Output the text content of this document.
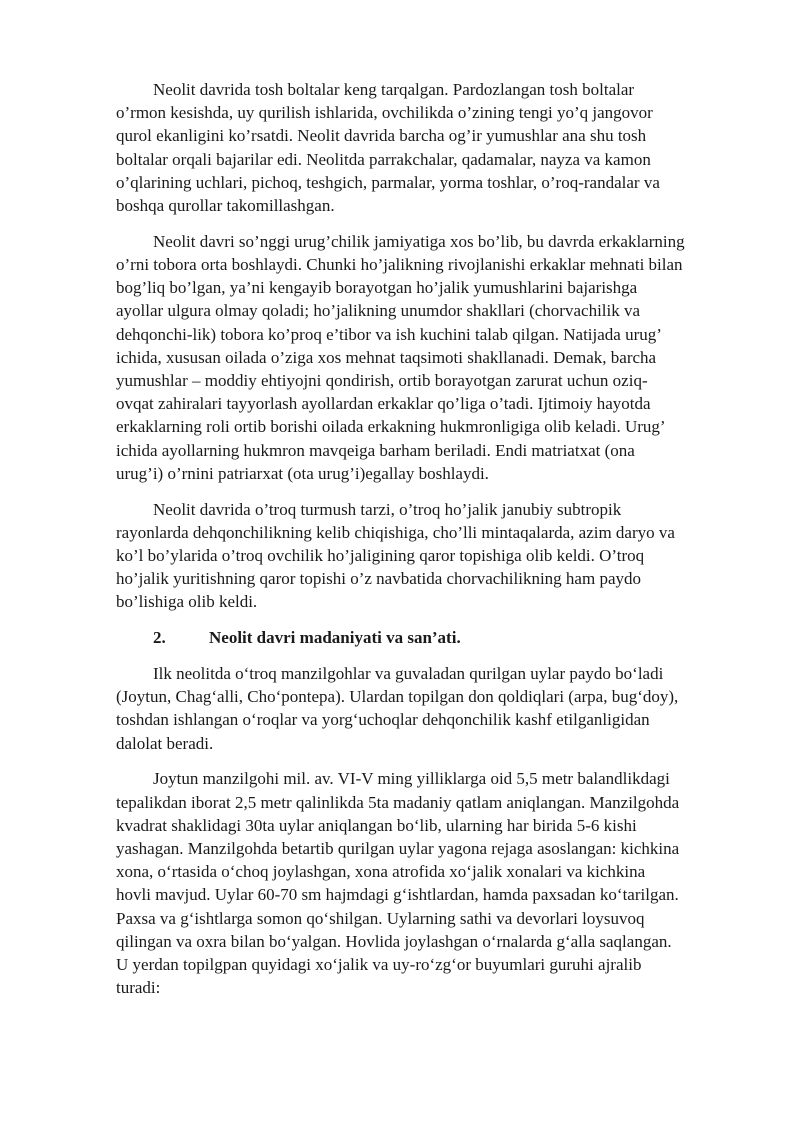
Neolit davrida tosh boltalar keng tarqalgan. Pardozlangan tosh boltalar
o’rmon kesishda, uy qurilish ishlarida, ovchilikda o’zining tengi yo’q jangovor
qurol ekanligini ko’rsatdi. Neolit davrida barcha og’ir yumushlar ana shu tosh
boltalar orqali bajarilar edi. Neolitda parrakchalar, qadamalar, nayza va kamon
o’qlarining uchlari, pichoq, teshgich, parmalar, yorma toshlar, o’roq-randalar va
boshqa qurollar takomillashgan.

Neolit davri so’nggi urug’chilik jamiyatiga xos bo’lib, bu davrda erkaklarning
o’rni tobora orta boshlaydi. Chunki ho’jalikning rivojlanishi erkaklar mehnati bilan
bog’liq bo’lgan, ya’ni kengayib borayotgan ho’jalik yumushlarini bajarishga
ayollar ulgura olmay qoladi; ho’jalikning unumdor shakllari (chorvachilik va
dehqonchi-lik) tobora ko’proq e’tibor va ish kuchini talab qilgan. Natijada urug’
ichida, xususan oilada o’ziga xos mehnat taqsimoti shakllanadi. Demak, barcha
yumushlar – moddiy ehtiyojni qondirish, ortib borayotgan zarurat uchun oziq-
ovqat zahiralari tayyorlash ayollardan erkaklar qo’liga o’tadi. Ijtimoiy hayotda
erkaklarning roli ortib borishi oilada erkakning hukmronligiga olib keladi. Urug’
ichida ayollarning hukmron mavqeiga barham beriladi. Endi matriatxat (ona
urug’i) o’rnini patriarxat (ota urug’i)egallay boshlaydi.

Neolit davrida o’troq turmush tarzi, o’troq ho’jalik janubiy subtropik
rayonlarda dehqonchilikning kelib chiqishiga, cho’lli mintaqalarda, azim daryo va
ko’l bo’ylarida o’troq ovchilik ho’jaligining qaror topishiga olib keldi. O’troq
ho’jalik yuritishning qaror topishi o’z navbatida chorvachilikning ham paydo
bo’lishiga olib keldi.

2.	Neolit davri madaniyati va san’ati.

Ilk neolitda o‘troq manzilgohlar va guvaladan qurilgan uylar paydo bo‘ladi
(Joytun, Chag‘alli, Cho‘pontepa). Ulardan topilgan don qoldiqlari (arpa, bug‘doy),
toshdan ishlangan o‘roqlar va yorg‘uchoqlar dehqonchilik kashf etilganligidan
dalolat beradi.

Joytun manzilgohi mil. av. VI-V ming yilliklarga oid 5,5 metr balandlikdagi
tepalikdan iborat 2,5 metr qalinlikda 5ta madaniy qatlam aniqlangan. Manzilgohda
kvadrat shaklidagi 30ta uylar aniqlangan bo‘lib, ularning har birida 5-6 kishi
yashagan. Manzilgohda betartib qurilgan uylar yagona rejaga asoslangan: kichkina
xona, o‘rtasida o‘choq joylashgan, xona atrofida xo‘jalik xonalari va kichkina
hovli mavjud. Uylar 60-70 sm hajmdagi g‘ishtlardan, hamda paxsadan ko‘tarilgan.
Paxsa va g‘ishtlarga somon qo‘shilgan. Uylarning sathi va devorlari loysuvoq
qilingan va oxra bilan bo‘yalgan. Hovlida joylashgan o‘rnalarda g‘alla saqlangan.
U yerdan topilgpan quyidagi xo‘jalik va uy-ro‘zg‘or buyumlari guruhi ajralib
turadi:
